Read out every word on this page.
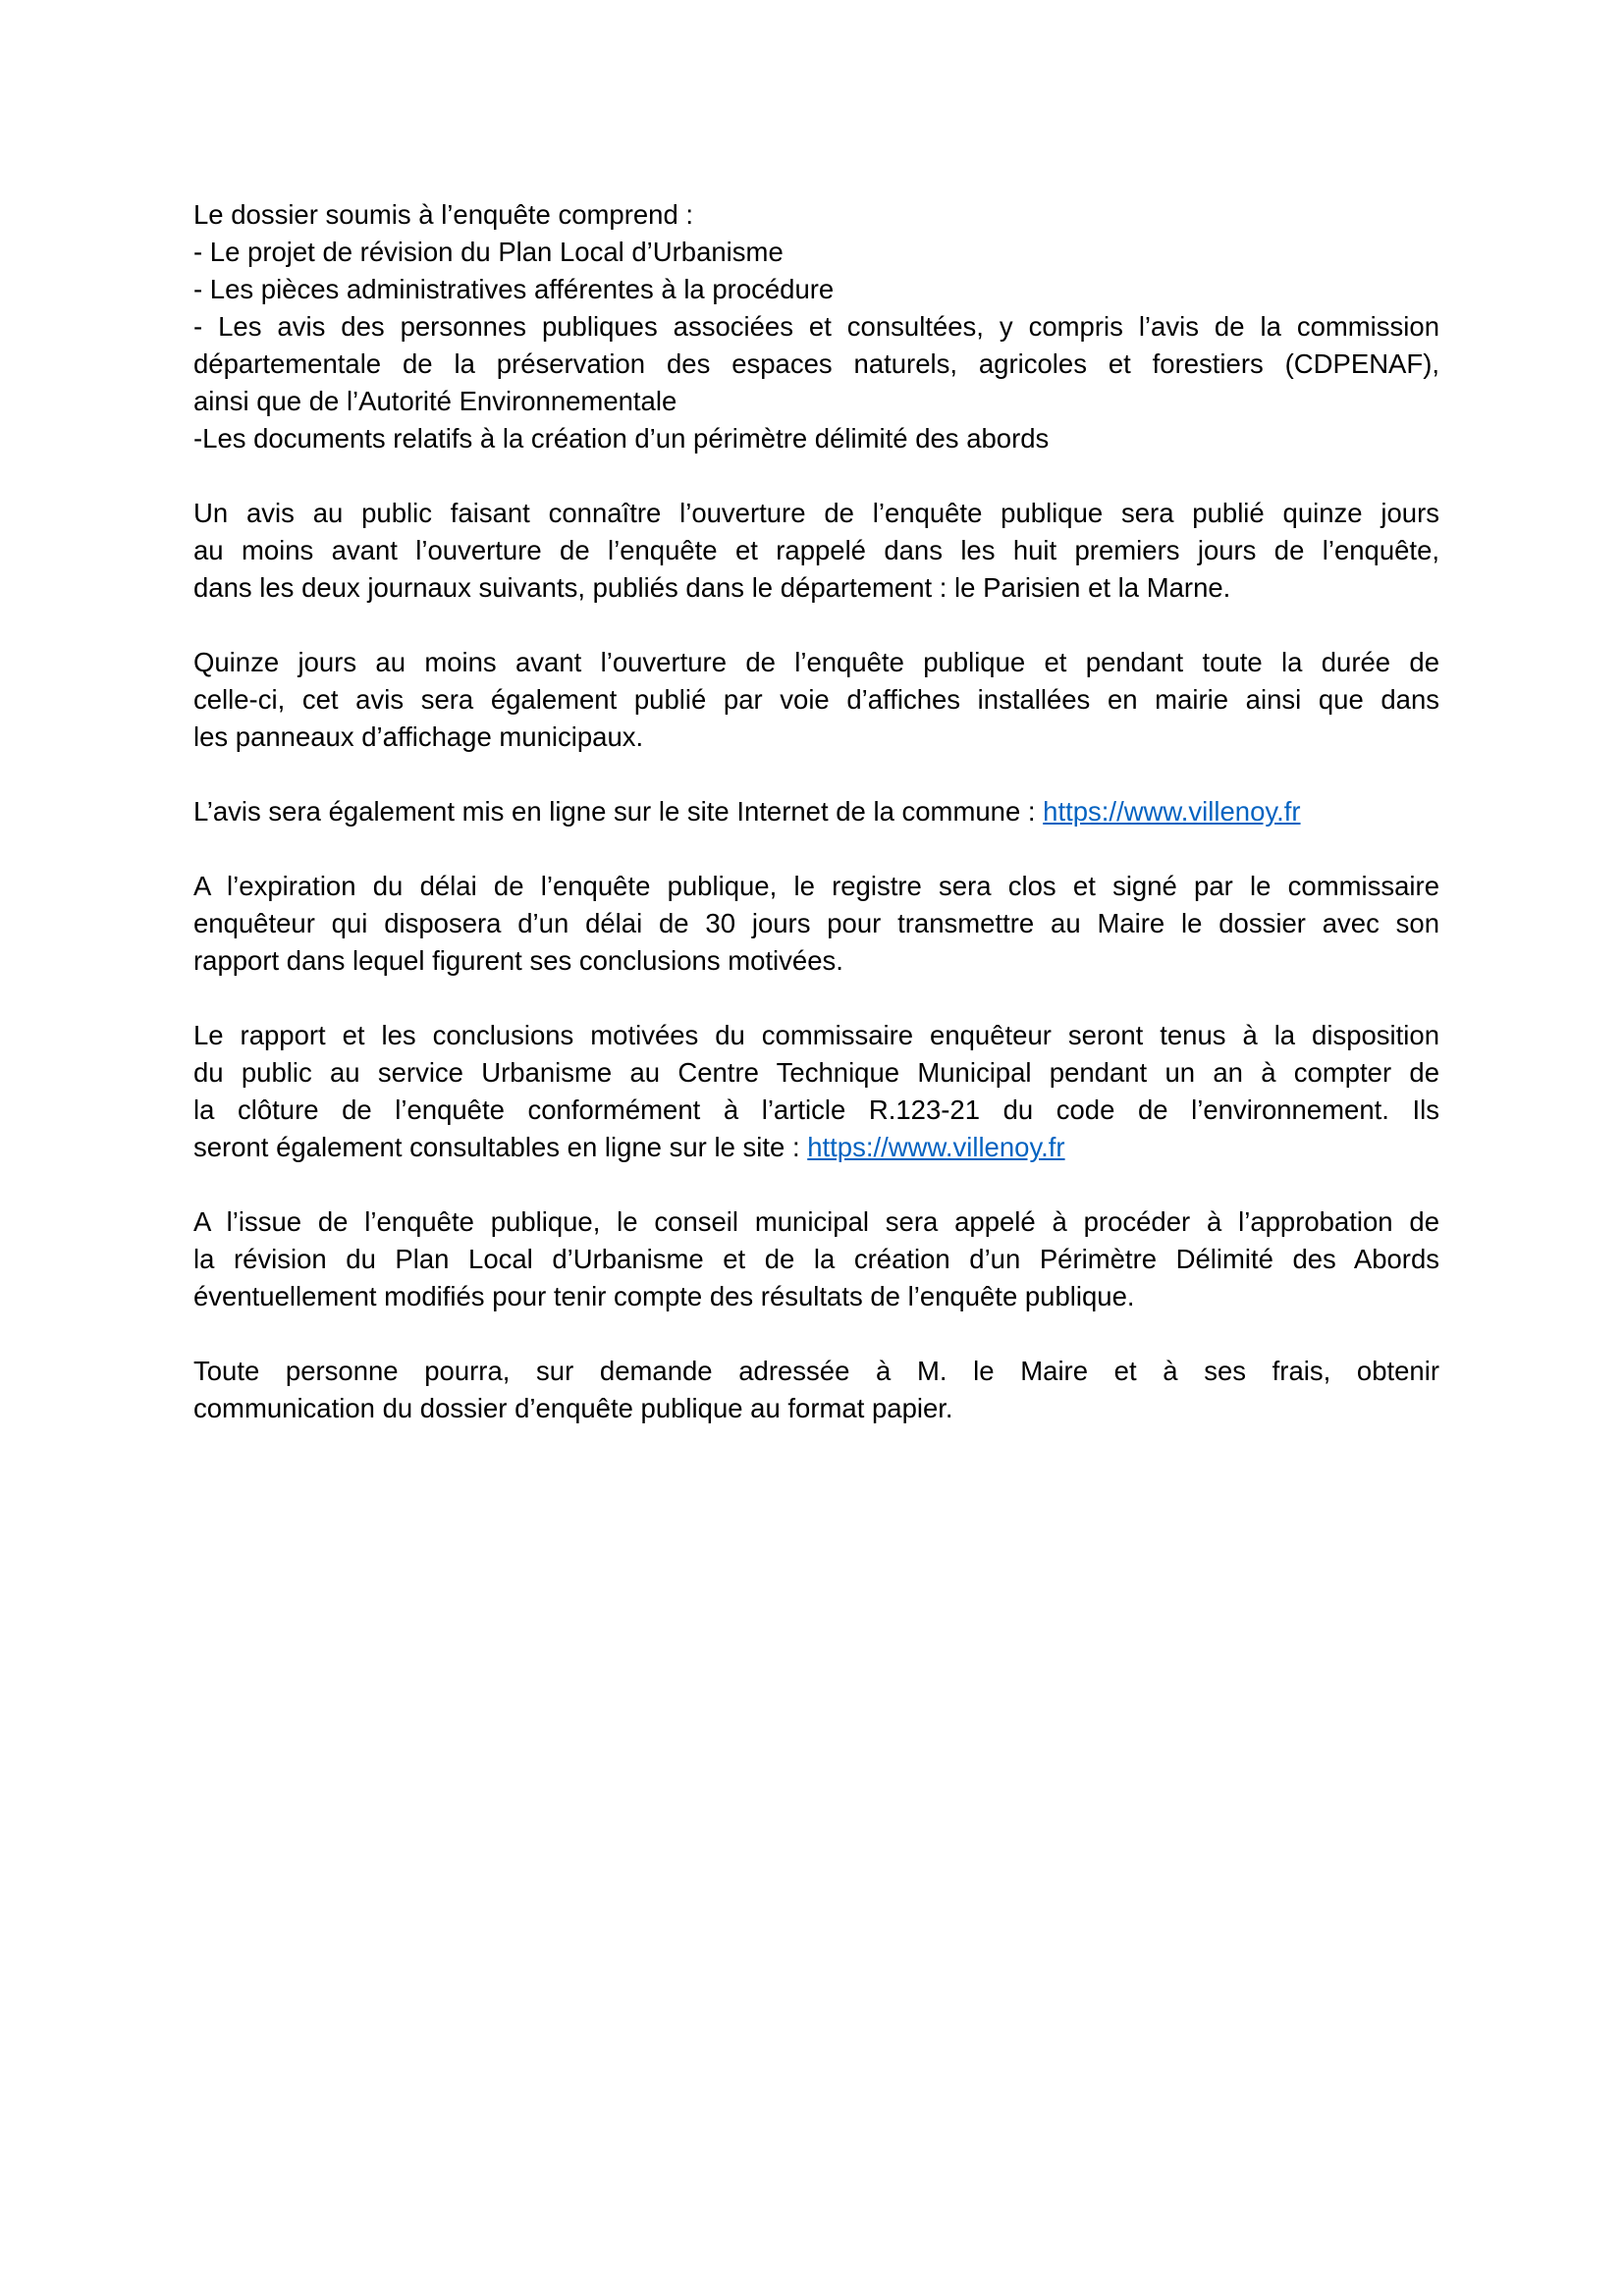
Le dossier soumis à l’enquête comprend :
- Le projet de révision du Plan Local d’Urbanisme
- Les pièces administratives afférentes à la procédure
- Les avis des personnes publiques associées et consultées, y compris l’avis de la commission
départementale de la préservation des espaces naturels, agricoles et forestiers (CDPENAF),
ainsi que de l’Autorité Environnementale
-Les documents relatifs à la création d’un périmètre délimité des abords
Un avis au public faisant connaître l’ouverture de l’enquête publique sera publié quinze jours
au moins avant l’ouverture de l’enquête et rappelé dans les huit premiers jours de l’enquête,
dans les deux journaux suivants, publiés dans le département : le Parisien et la Marne.
Quinze jours au moins avant l’ouverture de l’enquête publique et pendant toute la durée de
celle-ci, cet avis sera également publié par voie d’affiches installées en mairie ainsi que dans
les panneaux d’affichage municipaux.
L’avis sera également mis en ligne sur le site Internet de la commune : https://www.villenoy.fr
A l’expiration du délai de l’enquête publique, le registre sera clos et signé par le commissaire
enquêteur qui disposera d’un délai de 30 jours pour transmettre au Maire le dossier avec son
rapport dans lequel figurent ses conclusions motivées.
Le rapport et les conclusions motivées du commissaire enquêteur seront tenus à la disposition
du public au service Urbanisme au Centre Technique Municipal pendant un an à compter de
la clôture de l’enquête conformément à l’article R.123-21 du code de l’environnement. Ils
seront également consultables en ligne sur le site : https://www.villenoy.fr
A l’issue de l’enquête publique, le conseil municipal sera appelé à procéder à l’approbation de
la révision du Plan Local d’Urbanisme et de la création d’un Périmètre Délimité des Abords
éventuellement modifiés pour tenir compte des résultats de l’enquête publique.
Toute personne pourra, sur demande adressée à M. le Maire et à ses frais, obtenir
communication du dossier d’enquête publique au format papier.
